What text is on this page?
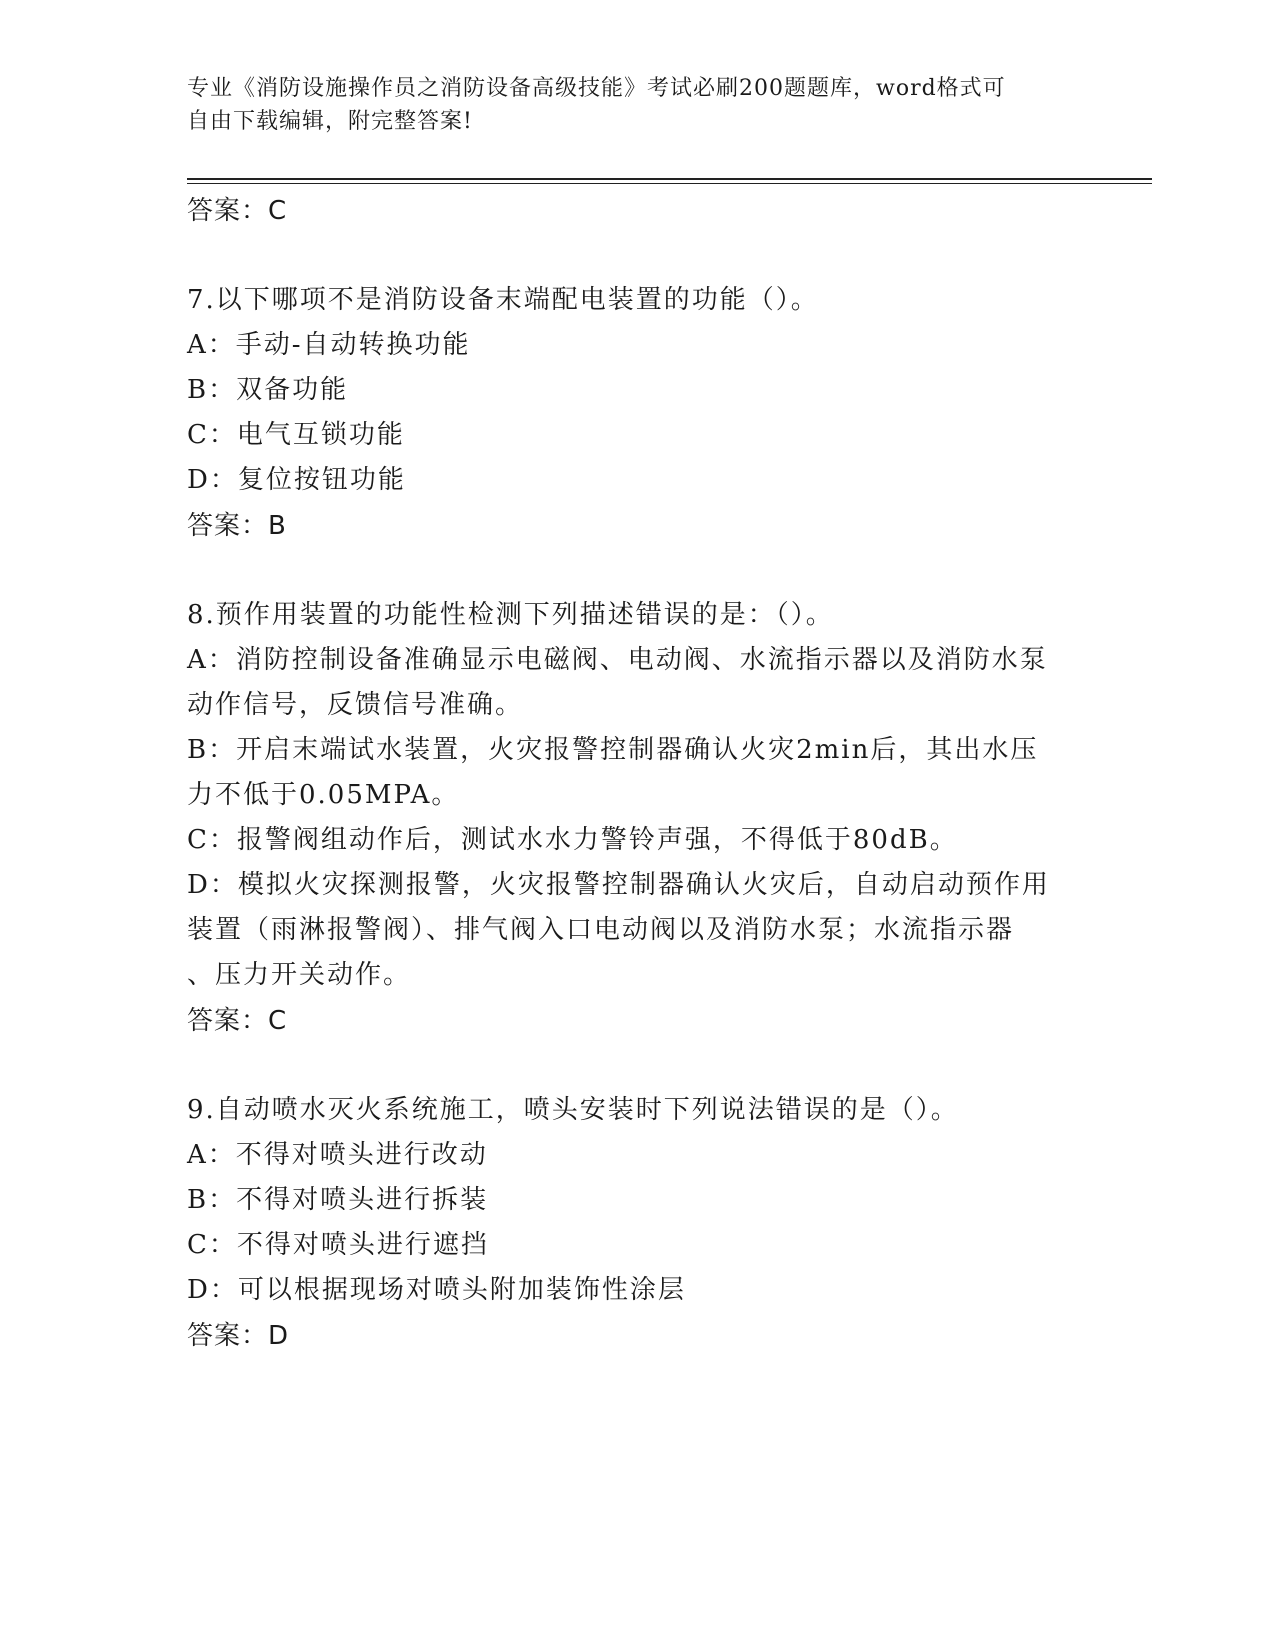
专业《消防设施操作员之消防设备高级技能》考试必刷200题题库，word格式可
自由下载编辑，附完整答案!
答案：C
7.以下哪项不是消防设备末端配电装置的功能（）。
A：手动-自动转换功能
B：双备功能
C：电气互锁功能
D：复位按钮功能
答案：B
8.预作用装置的功能性检测下列描述错误的是：（）。
A：消防控制设备准确显示电磁阀、电动阀、水流指示器以及消防水泵
动作信号，反馈信号准确。
B：开启末端试水装置，火灾报警控制器确认火灾2min后，其出水压
力不低于0.05MPA。
C：报警阀组动作后，测试水水力警铃声强，不得低于80dB。
D：模拟火灾探测报警，火灾报警控制器确认火灾后，自动启动预作用
装置（雨淋报警阀）、排气阀入口电动阀以及消防水泵；水流指示器
、压力开关动作。
答案：C
9.自动喷水灭火系统施工，喷头安装时下列说法错误的是（）。
A：不得对喷头进行改动
B：不得对喷头进行拆装
C：不得对喷头进行遮挡
D：可以根据现场对喷头附加装饰性涂层
答案：D
